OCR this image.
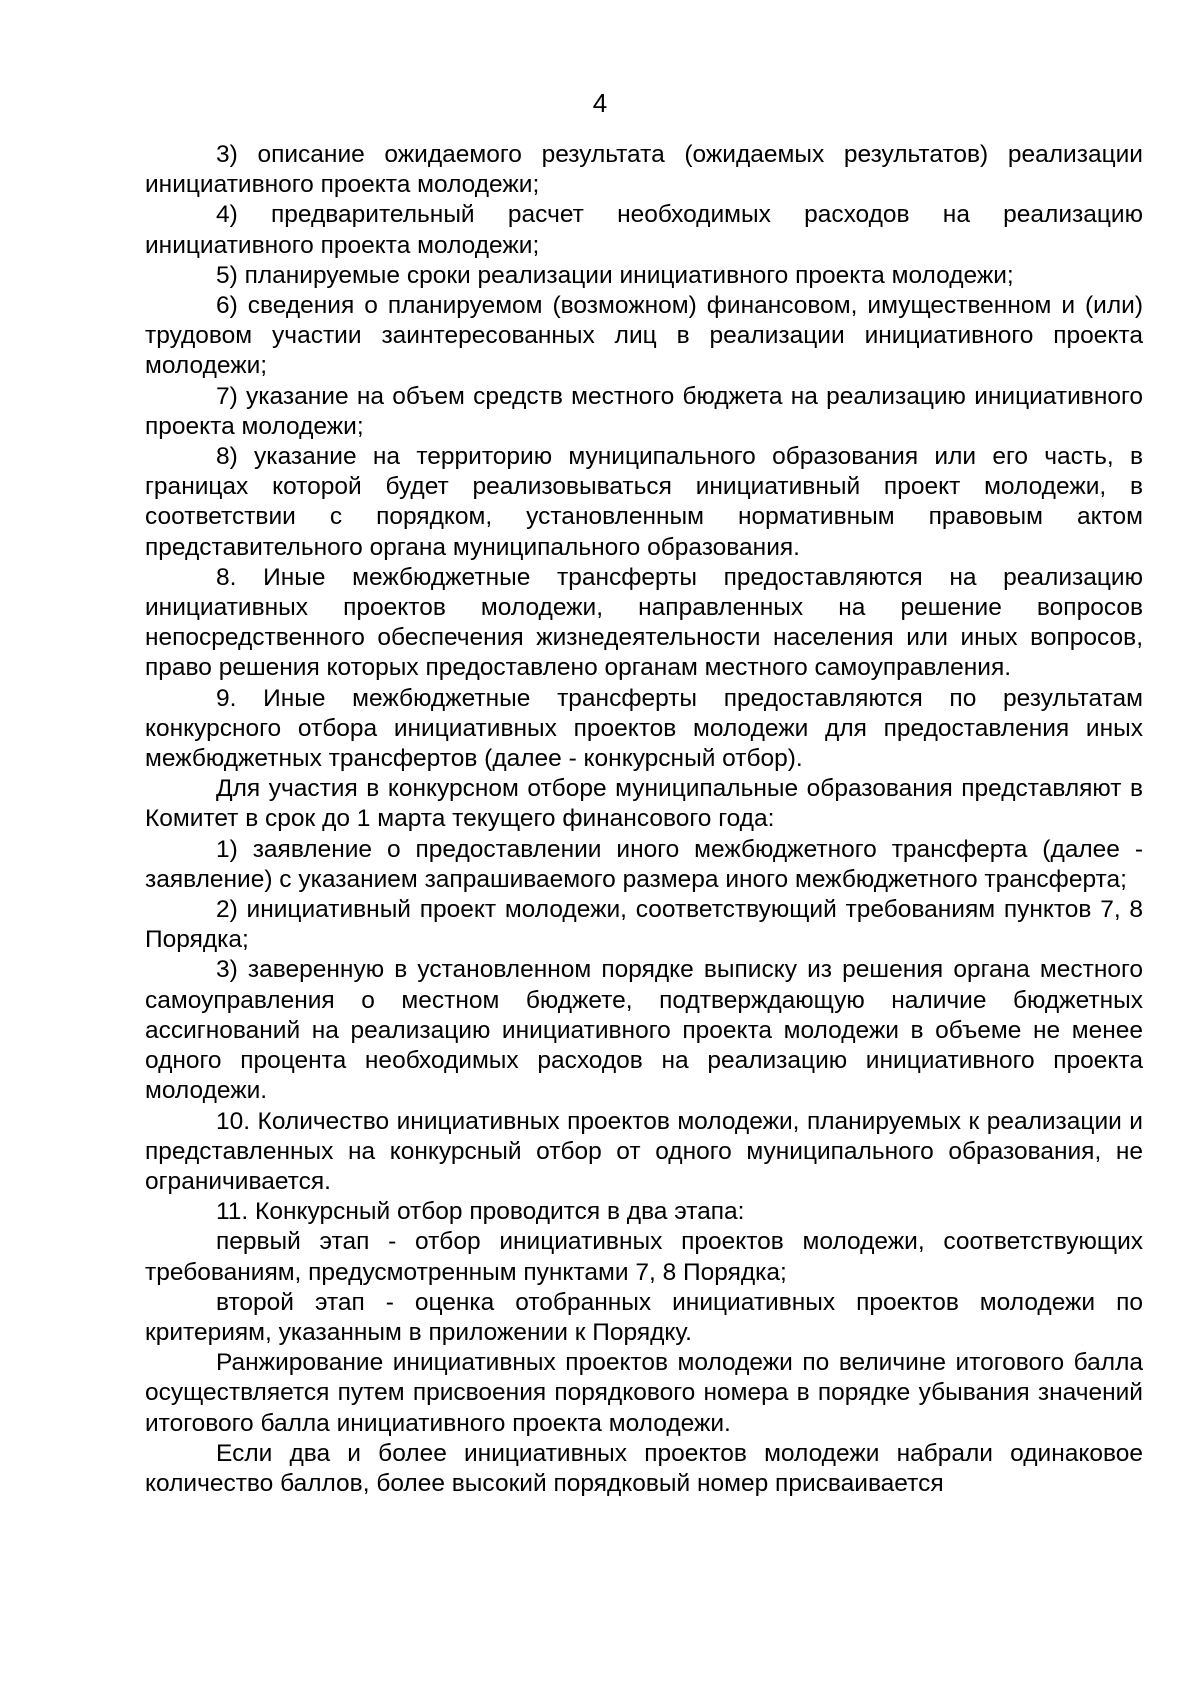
4

3) описание ожидаемого результата (ожидаемых результатов) реализации инициативного проекта молодежи;

4) предварительный расчет необходимых расходов на реализацию инициативного проекта молодежи;

5) планируемые сроки реализации инициативного проекта молодежи;

6) сведения о планируемом (возможном) финансовом, имущественном и (или) трудовом участии заинтересованных лиц в реализации инициативного проекта молодежи;

7) указание на объем средств местного бюджета на реализацию инициативного проекта молодежи;

8) указание на территорию муниципального образования или его часть, в границах которой будет реализовываться инициативный проект молодежи, в соответствии с порядком, установленным нормативным правовым актом представительного органа муниципального образования.

8. Иные межбюджетные трансферты предоставляются на реализацию инициативных проектов молодежи, направленных на решение вопросов непосредственного обеспечения жизнедеятельности населения или иных вопросов, право решения которых предоставлено органам местного самоуправления.

9. Иные межбюджетные трансферты предоставляются по результатам конкурсного отбора инициативных проектов молодежи для предоставления иных межбюджетных трансфертов (далее - конкурсный отбор).

Для участия в конкурсном отборе муниципальные образования представляют в Комитет в срок до 1 марта текущего финансового года:

1) заявление о предоставлении иного межбюджетного трансферта (далее - заявление) с указанием запрашиваемого размера иного межбюджетного трансферта;

2) инициативный проект молодежи, соответствующий требованиям пунктов 7, 8 Порядка;

3) заверенную в установленном порядке выписку из решения органа местного самоуправления о местном бюджете, подтверждающую наличие бюджетных ассигнований на реализацию инициативного проекта молодежи в объеме не менее одного процента необходимых расходов на реализацию инициативного проекта молодежи.

10. Количество инициативных проектов молодежи, планируемых к реализации и представленных на конкурсный отбор от одного муниципального образования, не ограничивается.

11. Конкурсный отбор проводится в два этапа:

первый этап - отбор инициативных проектов молодежи, соответствующих требованиям, предусмотренным пунктами 7, 8 Порядка;

второй этап - оценка отобранных инициативных проектов молодежи по критериям, указанным в приложении к Порядку.

Ранжирование инициативных проектов молодежи по величине итогового балла осуществляется путем присвоения порядкового номера в порядке убывания значений итогового балла инициативного проекта молодежи.

Если два и более инициативных проектов молодежи набрали одинаковое количество баллов, более высокий порядковый номер присваивается
